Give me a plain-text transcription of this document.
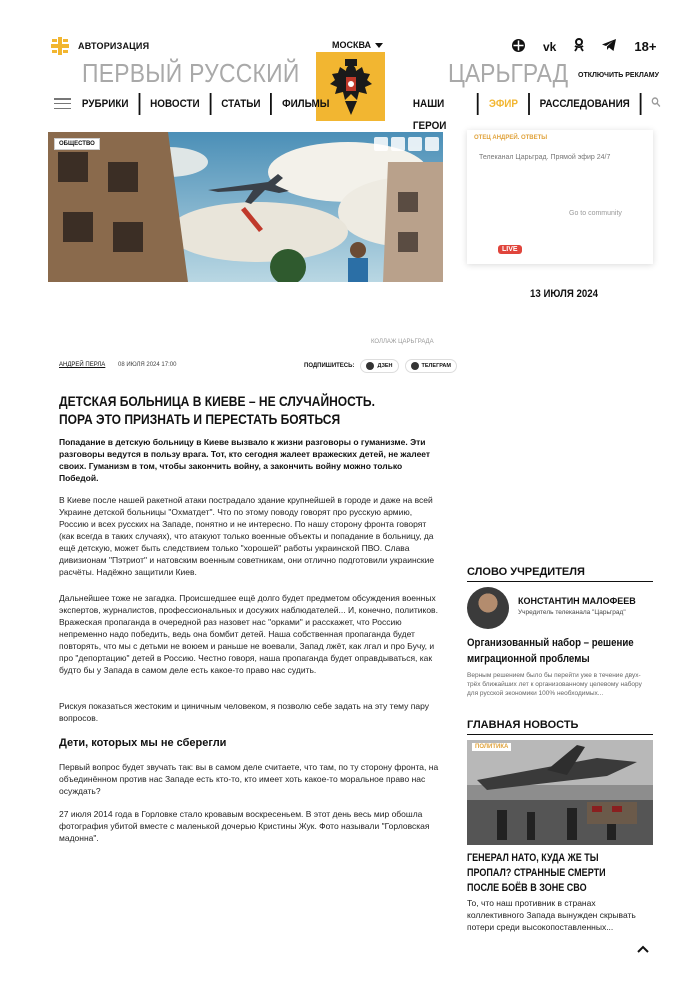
АВТОРИЗАЦИЯ	МОСКВА	vk	18+
ПЕРВЫЙ РУССКИЙ	ЦАРЬГРАД ОТКЛЮЧИТЬ РЕКЛАМУ
РУБРИКИ	НОВОСТИ	СТАТЬИ	ФИЛЬМЫ	НАШИ ГЕРОИ
ЭФИР	РАССЛЕДОВАНИЯ
ОБЩЕСТВО
КОЛЛАЖ ЦАРЬГРАДА
АНДРЕЙ ПЕРЛА 08 ИЮЛЯ 2024 17:00	ПОДПИШИТЕСЬ:	ДЗЕН	ТЕЛЕГРАМ
ДЕТСКАЯ БОЛЬНИЦА В КИЕВЕ – НЕ СЛУЧАЙНОСТЬ. ПОРА ЭТО ПРИЗНАТЬ И ПЕРЕСТАТЬ БОЯТЬСЯ
Попадание в детскую больницу в Киеве вызвало к жизни разговоры о гуманизме. Эти разговоры ведутся в пользу врага. Тот, кто сегодня жалеет вражеских детей, не жалеет своих. Гуманизм в том, чтобы закончить войну, а закончить войну можно только Победой.
В Киеве после нашей ракетной атаки пострадало здание крупнейшей в городе и даже на всей Украине детской больницы "Охматдет". Что по этому поводу говорят про русскую армию, Россию и всех русских на Западе, понятно и не интересно. По нашу сторону фронта говорят (как всегда в таких случаях), что атакуют только военные объекты и попадание в больницу, да ещё детскую, может быть следствием только "хорошей" работы украинской ПВО. Слава дивизионам "Пэтриот" и натовским военным советникам, они отлично подготовили украинские расчёты. Надёжно защитили Киев.
Дальнейшее тоже не загадка. Происшедшее ещё долго будет предметом обсуждения военных экспертов, журналистов, профессиональных и досужих наблюдателей... И, конечно, политиков. Вражеская пропаганда в очередной раз назовет нас "орками" и расскажет, что Россию непременно надо победить, ведь она бомбит детей. Наша собственная пропаганда будет повторять, что мы с детьми не воюем и раньше не воевали, Запад лжёт, как лгал и про Бучу, и про "депортацию" детей в Россию. Честно говоря, наша пропаганда будет оправдываться, как будто бы у Запада в самом деле есть какое-то право нас судить.
Рискуя показаться жестоким и циничным человеком, я позволю себе задать на эту тему пару вопросов.
Дети, которых мы не сберегли
Первый вопрос будет звучать так: вы в самом деле считаете, что там, по ту сторону фронта, на объединённом против нас Западе есть кто-то, кто имеет хоть какое-то моральное право нас осуждать?
27 июля 2014 года в Горловке стало кровавым воскресеньем. В этот день весь мир обошла фотография убитой вместе с маленькой дочерью Кристины Жук. Фото называли "Горловская мадонна".
ОТЕЦ АНДРЕЙ. ОТВЕТЫ
Телеканал Царьград. Прямой эфир 24/7
Go to community
LIVE
13 ИЮЛЯ 2024
СЛОВО УЧРЕДИТЕЛЯ
КОНСТАНТИН МАЛОФЕЕВ
Учредитель телеканала "Царьград"
Организованный набор – решение миграционной проблемы
Верным решением было бы перейти уже в течение двух-трёх ближайших лет к организованному целевому набору для русской экономики 100% необходимых...
ГЛАВНАЯ НОВОСТЬ
ПОЛИТИКА
ГЕНЕРАЛ НАТО, КУДА ЖЕ ТЫ ПРОПАЛ? СТРАННЫЕ СМЕРТИ ПОСЛЕ БОЁВ В ЗОНЕ СВО
То, что наш противник в странах коллективного Запада вынужден скрывать потери среди высокопоставленных...
